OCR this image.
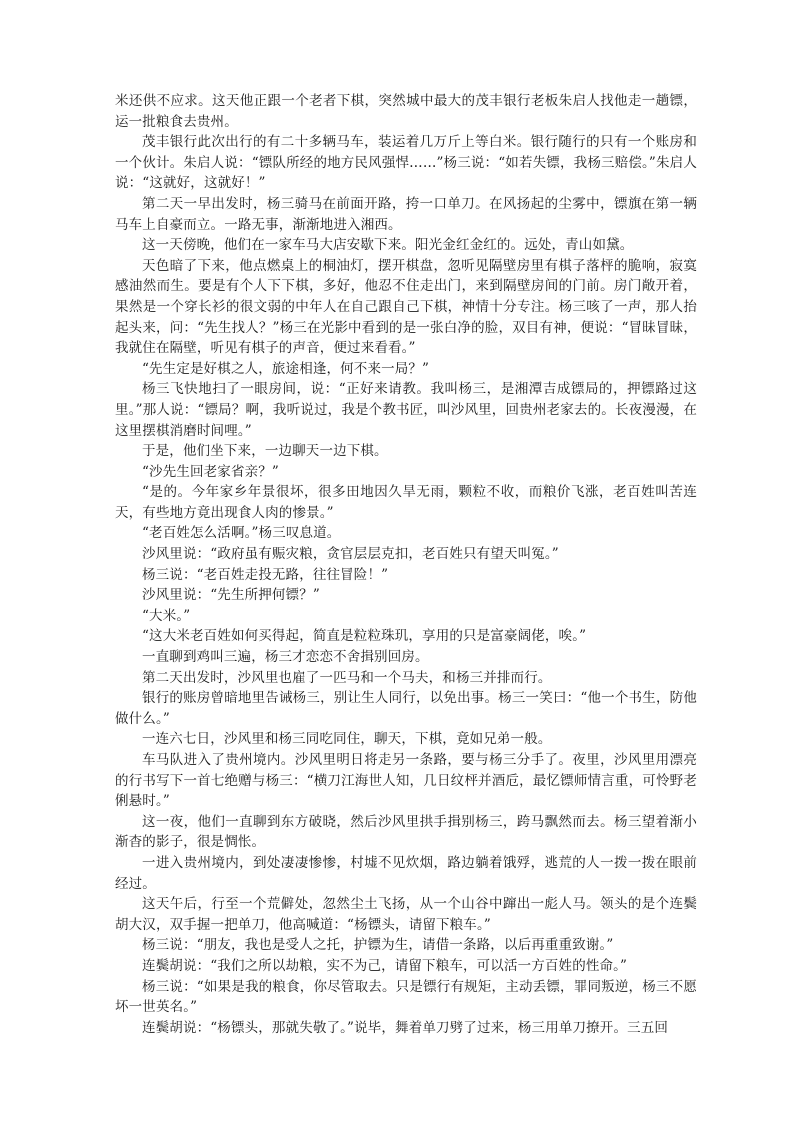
米还供不应求。这天他正跟一个老者下棋，突然城中最大的茂丰银行老板朱启人找他走一趟镖，运一批粮食去贵州。

茂丰银行此次出行的有二十多辆马车，装运着几万斤上等白米。银行随行的只有一个账房和一个伙计。朱启人说：“镖队所经的地方民风强悍……”杨三说：“如若失镖，我杨三赔偿。”朱启人说：“这就好，这就好！”

第二天一早出发时，杨三骑马在前面开路，挎一口单刀。在风扬起的尘雾中，镖旗在第一辆马车上自豪而立。一路无事，渐渐地进入湘西。

这一天傍晚，他们在一家车马大店安歇下来。阳光金红金红的。远处，青山如黛。

天色暗了下来，他点燃桌上的桐油灯，摆开棋盘，忽听见隔壁房里有棋子落枰的脆响，寂寞感油然而生。要是有个人下下棋，多好，他忍不住走出门，来到隔壁房间的门前。房门敞开着，果然是一个穿长衫的很文弱的中年人在自己跟自己下棋，神情十分专注。杨三咳了一声，那人抬起头来，问：“先生找人？”杨三在光影中看到的是一张白净的脸，双目有神，便说：“冒昧冒昧，我就住在隔壁，听见有棋子的声音，便过来看看。”

“先生定是好棋之人，旅途相逢，何不来一局？”

杨三飞快地扫了一眼房间，说：“正好来请教。我叫杨三，是湘潭吉成镖局的，押镖路过这里。”那人说：“镖局？啊，我听说过，我是个教书匠，叫沙风里，回贵州老家去的。长夜漫漫，在这里摆棋消磨时间哩。”

于是，他们坐下来，一边聊天一边下棋。

“沙先生回老家省亲？”

“是的。今年家乡年景很坏，很多田地因久旱无雨，颗粒不收，而粮价飞涨，老百姓叫苦连天，有些地方竟出现食人肉的惨景。”

“老百姓怎么活啊。”杨三叹息道。

沙风里说：“政府虽有赈灾粮，贪官层层克扣，老百姓只有望天叫冤。”

杨三说：“老百姓走投无路，往往冒险！”

沙风里说：“先生所押何镖？”

“大米。”

“这大米老百姓如何买得起，简直是粒粒珠玑，享用的只是富豪阔佬，唉。”

一直聊到鸡叫三遍，杨三才恋恋不舍揖别回房。

第二天出发时，沙风里也雇了一匹马和一个马夫，和杨三并排而行。

银行的账房曾暗地里告诫杨三，别让生人同行，以免出事。杨三一笑曰：“他一个书生，防他做什么。”

一连六七日，沙风里和杨三同吃同住，聊天，下棋，竟如兄弟一般。

车马队进入了贵州境内。沙风里明日将走另一条路，要与杨三分手了。夜里，沙风里用漂亮的行书写下一首七绝赠与杨三：“横刀江海世人知，几日纹枰并酒卮，最忆镖师情言重，可怜野老俐悬时。”

这一夜，他们一直聊到东方破晓，然后沙风里拱手揖别杨三，跨马飘然而去。杨三望着渐小渐杳的影子，很是惆怅。

一进入贵州境内，到处凄凄惨惨，村墟不见炊烟，路边躺着饿殍，逃荒的人一拨一拨在眼前经过。

这天午后，行至一个荒僻处，忽然尘土飞扬，从一个山谷中蹿出一彪人马。领头的是个连鬓胡大汉，双手握一把单刀，他高喊道：“杨镖头，请留下粮车。”

杨三说：“朋友，我也是受人之托，护镖为生，请借一条路，以后再重重致谢。”

连鬓胡说：“我们之所以劫粮，实不为己，请留下粮车，可以活一方百姓的性命。”

杨三说：“如果是我的粮食，你尽管取去。只是镖行有规矩，主动丢镖，罪同叛逆，杨三不愿坏一世英名。”

连鬓胡说：“杨镖头，那就失敬了。”说毕，舞着单刀劈了过来，杨三用单刀撩开。三五回
